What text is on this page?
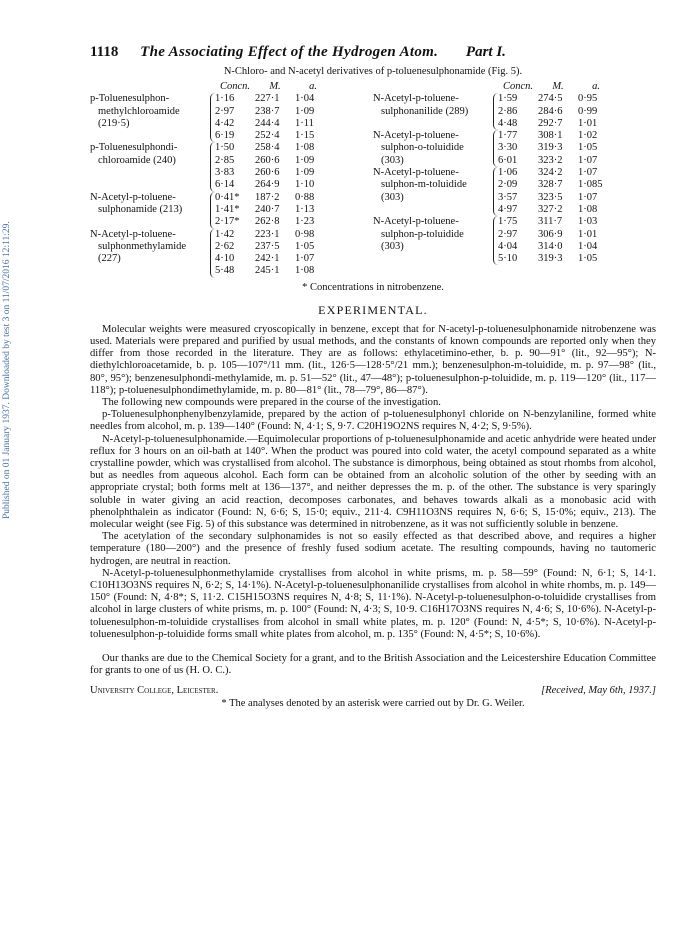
Published on 01 January 1937. Downloaded by test 3 on 11/07/2016 12:11:29.
1118 The Associating Effect of the Hydrogen Atom. Part I.
N-Chloro- and N-acetyl derivatives of p-toluenesulphonamide (Fig. 5).
Concn.	M.	a.
p-Toluenesulphon-
methylchloroamide
(219·5)
1·16	227·1	1·04
2·97	238·7	1·09
4·42	244·4	1·11
6·19	252·4	1·15
p-Toluenesulphondi-
chloroamide (240)
1·50	258·4	1·08
2·85	260·6	1·09
3·83	260·6	1·09
6·14	264·9	1·10
N-Acetyl-p-toluene-
sulphonamide (213)
0·41*	187·2	0·88
1·41*	240·7	1·13
2·17*	262·8	1·23
N-Acetyl-p-toluene-
sulphonmethylamide
(227)
1·42	223·1	0·98
2·62	237·5	1·05
4·10	242·1	1·07
5·48	245·1	1·08
Concn.	M.	a.
N-Acetyl-p-toluene-
sulphonanilide (289)
1·59	274·5	0·95
2·86	284·6	0·99
4·48	292·7	1·01
N-Acetyl-p-toluene-
sulphon-o-toluidide
(303)
1·77	308·1	1·02
3·30	319·3	1·05
6·01	323·2	1·07
N-Acetyl-p-toluene-
sulphon-m-toluidide
(303)
1·06	324·2	1·07
2·09	328·7	1·085
3·57	323·5	1·07
4·97	327·2	1·08
N-Acetyl-p-toluene-
sulphon-p-toluidide
(303)
1·75	311·7	1·03
2·97	306·9	1·01
4·04	314·0	1·04
5·10	319·3	1·05
* Concentrations in nitrobenzene.
EXPERIMENTAL.

Molecular weights were measured cryoscopically in benzene, except that for N-acetyl-p-toluenesulphonamide nitrobenzene was used. Materials were prepared and purified by usual methods, and the constants of known compounds are reported only when they differ from those recorded in the literature. They are as follows: ethylacetimino-ether, b. p. 90—91° (lit., 92—95°); N-diethylchloroacetamide, b. p. 105—107°/11 mm. (lit., 126·5—128·5°/21 mm.); benzenesulphon-m-toluidide, m. p. 97—98° (lit., 80°, 95°); benzenesulphondi-methylamide, m. p. 51—52° (lit., 47—48°); p-toluenesulphon-p-toluidide, m. p. 119—120° (lit., 117—118°); p-toluenesulphondimethylamide, m. p. 80—81° (lit., 78—79°, 86—87°).

The following new compounds were prepared in the course of the investigation.

p-Toluenesulphonphenylbenzylamide, prepared by the action of p-toluenesulphonyl chloride on N-benzylaniline, formed white needles from alcohol, m. p. 139—140° (Found: N, 4·1; S, 9·7. C20H19O2NS requires N, 4·2; S, 9·5%).

N-Acetyl-p-toluenesulphonamide.—Equimolecular proportions of p-toluenesulphonamide and acetic anhydride were heated under reflux for 3 hours on an oil-bath at 140°. When the product was poured into cold water, the acetyl compound separated as a white crystalline powder, which was crystallised from alcohol. The substance is dimorphous, being obtained as stout rhombs from alcohol, but as needles from aqueous alcohol. Each form can be obtained from an alcoholic solution of the other by seeding with an appropriate crystal; both forms melt at 136—137°, and neither depresses the m. p. of the other. The substance is very sparingly soluble in water giving an acid reaction, decomposes carbonates, and behaves towards alkali as a monobasic acid with phenolphthalein as indicator (Found: N, 6·6; S, 15·0; equiv., 211·4. C9H11O3NS requires N, 6·6; S, 15·0%; equiv., 213). The molecular weight (see Fig. 5) of this substance was determined in nitrobenzene, as it was not sufficiently soluble in benzene.

The acetylation of the secondary sulphonamides is not so easily effected as that described above, and requires a higher temperature (180—200°) and the presence of freshly fused sodium acetate. The resulting compounds, having no tautomeric hydrogen, are neutral in reaction.

N-Acetyl-p-toluenesulphonmethylamide crystallises from alcohol in white prisms, m. p. 58—59° (Found: N, 6·1; S, 14·1. C10H13O3NS requires N, 6·2; S, 14·1%). N-Acetyl-p-toluenesulphonanilide crystallises from alcohol in white rhombs, m. p. 149—150° (Found: N, 4·8*; S, 11·2. C15H15O3NS requires N, 4·8; S, 11·1%). N-Acetyl-p-toluenesulphon-o-toluidide crystallises from alcohol in large clusters of white prisms, m. p. 100° (Found: N, 4·3; S, 10·9. C16H17O3NS requires N, 4·6; S, 10·6%). N-Acetyl-p-toluenesulphon-m-toluidide crystallises from alcohol in small white plates, m. p. 120° (Found: N, 4·5*; S, 10·6%). N-Acetyl-p-toluenesulphon-p-toluidide forms small white plates from alcohol, m. p. 135° (Found: N, 4·5*; S, 10·6%).

Our thanks are due to the Chemical Society for a grant, and to the British Association and the Leicestershire Education Committee for grants to one of us (H. O. C.).

University College, Leicester.	[Received, May 6th, 1937.]
* The analyses denoted by an asterisk were carried out by Dr. G. Weiler.
